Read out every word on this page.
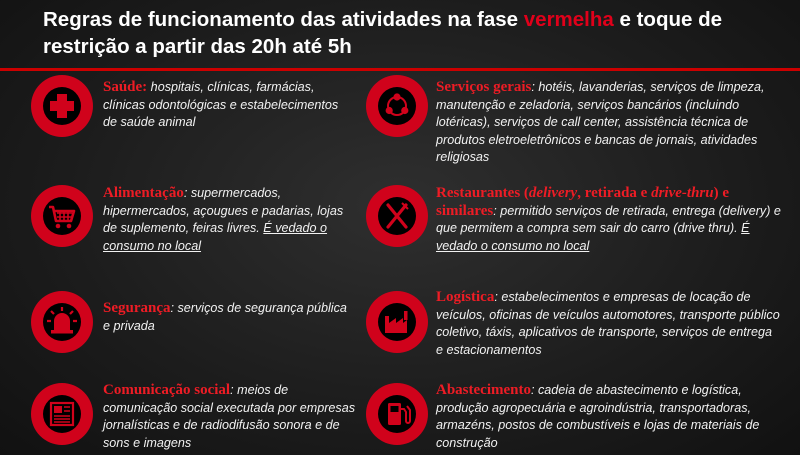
Regras de funcionamento das atividades na fase vermelha e toque de restrição a partir das 20h até 5h
Saúde: hospitais, clínicas, farmácias, clínicas odontológicas e estabelecimentos de saúde animal
Alimentação: supermercados, hipermercados, açougues e padarias, lojas de suplemento, feiras livres. É vedado o consumo no local
Segurança: serviços de segurança pública e privada
Comunicação social: meios de comunicação social executada por empresas jornalísticas e de radiodifusão sonora e de sons e imagens
Serviços gerais: hotéis, lavanderias, serviços de limpeza, manutenção e zeladoria, serviços bancários (incluindo lotéricas), serviços de call center, assistência técnica de produtos eletroeletrônicos e bancas de jornais, atividades religiosas
Restaurantes (delivery, retirada e drive-thru) e similares: permitido serviços de retirada, entrega (delivery) e que permitem a compra sem sair do carro (drive thru). É vedado o consumo no local
Logística: estabelecimentos e empresas de locação de veículos, oficinas de veículos automotores, transporte público coletivo, táxis, aplicativos de transporte, serviços de entrega e estacionamentos
Abastecimento: cadeia de abastecimento e logística, produção agropecuária e agroindústria, transportadoras, armazéns, postos de combustíveis e lojas de materiais de construção
